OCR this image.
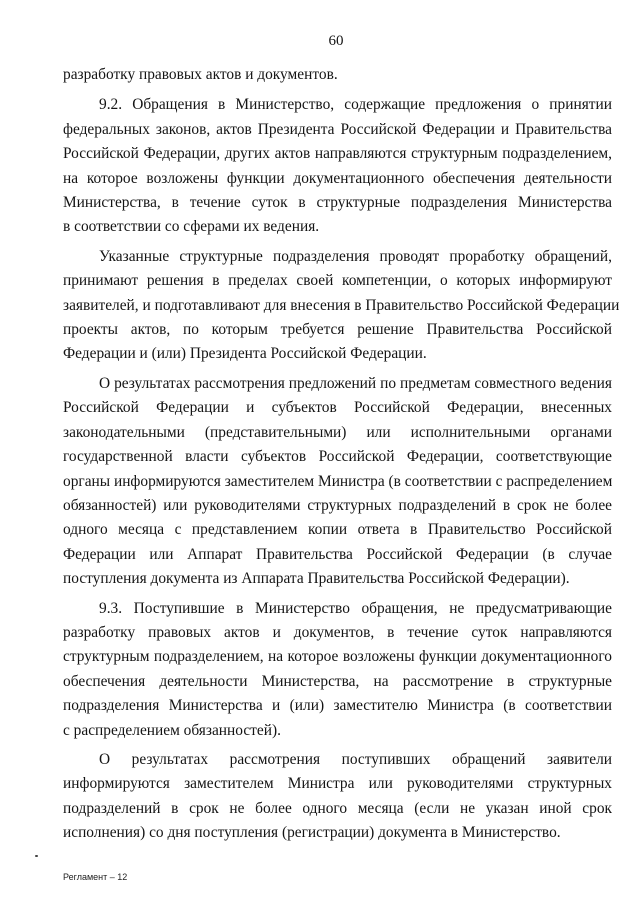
60

разработку правовых актов и документов.

9.2. Обращения в Министерство, содержащие предложения о принятии
федеральных законов, актов Президента Российской Федерации и Правительства
Российской Федерации, других актов направляются структурным подразделением,
на которое возложены функции документационного обеспечения деятельности
Министерства, в течение суток в структурные подразделения Министерства
в соответствии со сферами их ведения.

Указанные структурные подразделения проводят проработку обращений,
принимают решения в пределах своей компетенции, о которых информируют
заявителей, и подготавливают для внесения в Правительство Российской Федерации
проекты актов, по которым требуется решение Правительства Российской
Федерации и (или) Президента Российской Федерации.

О результатах рассмотрения предложений по предметам совместного ведения
Российской Федерации и субъектов Российской Федерации, внесенных
законодательными (представительными) или исполнительными органами
государственной власти субъектов Российской Федерации, соответствующие
органы информируются заместителем Министра (в соответствии с распределением
обязанностей) или руководителями структурных подразделений в срок не более
одного месяца с представлением копии ответа в Правительство Российской
Федерации или Аппарат Правительства Российской Федерации (в случае
поступления документа из Аппарата Правительства Российской Федерации).

9.3. Поступившие в Министерство обращения, не предусматривающие
разработку правовых актов и документов, в течение суток направляются
структурным подразделением, на которое возложены функции документационного
обеспечения деятельности Министерства, на рассмотрение в структурные
подразделения Министерства и (или) заместителю Министра (в соответствии
с распределением обязанностей).

О результатах рассмотрения поступивших обращений заявители
информируются заместителем Министра или руководителями структурных
подразделений в срок не более одного месяца (если не указан иной срок
исполнения) со дня поступления (регистрации) документа в Министерство.

Регламент – 12
